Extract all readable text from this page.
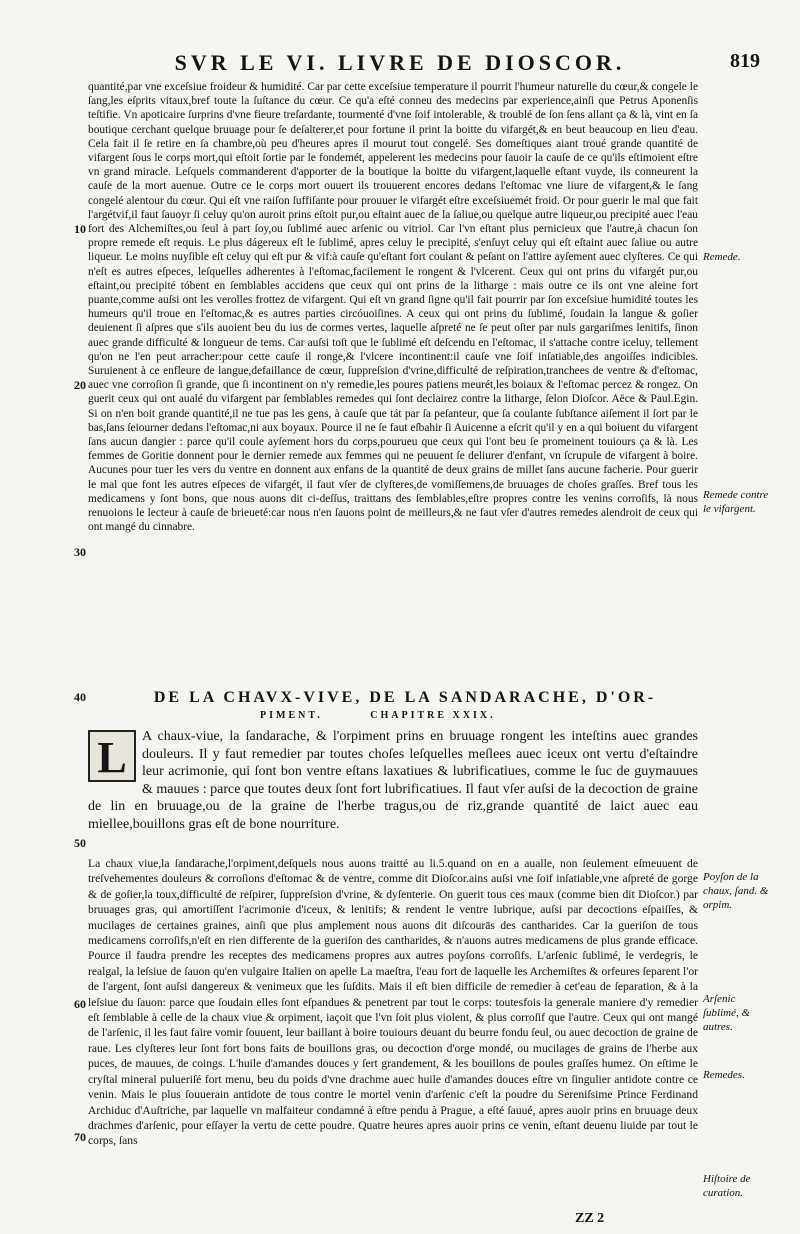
SVR LE VI. LIVRE DE DIOSCOR.	819

quantité,par vne exceſsiue froideur & humidité. Car par cette exceſsiue temperature il pourrit l'humeur naturelle du cœur,& congele le ſang,les eſprits vitaux,bref toute la ſuſtance du cœur. Ce qu'a eſté conneu des medecins par experience,ainſi que Petrus Aponenſis teſtifie. Vn apoticaire ſurprins d'vne fieure treſardante, tourmenté d'vne ſoif intolerable, & troublé de ſon ſens allant ça & là, vint en ſa boutique cerchant quelque bruuage pour ſe deſalterer,et pour fortune il print la boitte du vifargét,& en beut beaucoup en lieu d'eau. Cela fait il ſe retire en ſa chambre,où peu d'heures apres il mourut tout congelé. Ses domeſtiques aiant troué grande quantité de vifargent ſous le corps mort,qui eſtoit ſortie par le fondemét, appelerent les medecins pour ſauoir la cauſe de ce qu'ils eſtimoient eſtre vn grand miracle. Leſquels commanderent d'apporter de la boutique la boitte du vifargent,laquelle eſtant vuyde, ils conneurent la cauſe de la mort auenue. Outre ce le corps mort ouuert ils trouuerent encores dedans l'eſtomac vne liure de vifargent,& le ſang congelé alentour du cœur. Qui eſt vne raiſon ſuffiſante pour prouuer le vifargét eſtre exceſsiuemét froid. Or pour guerir le mal que fait l'argétvif,il faut ſauoyr ſi celuy qu'on auroit prins eſtoit pur,ou eſtaint auec de la ſaliue,ou quelque autre liqueur,ou precipité auec l'eau fort des Alchemiſtes,ou ſeul à part ſoy,ou ſublimé auec arſenic ou vitriol. Car l'vn eſtant plus pernicieux que l'autre,à chacun ſon propre remede eſt requis. Le plus dágereux eſt le ſublimé, apres celuy le precipité, s'enſuyt celuy qui eſt eſtaint auec ſaliue ou autre liqueur. Le moins nuyſible eſt celuy qui eſt pur & vif:à cauſe qu'eſtant fort coulant & peſant on l'attire ayſement auec clyſteres. Ce qui n'eſt es autres eſpeces, leſquelles adherentes à l'eſtomac,facilement le rongent & l'vlcerent. Ceux qui ont prins du vifargét pur,ou eſtaint,ou precipité tóbent en ſemblables accidens que ceux qui ont prins de la litharge : mais outre ce ils ont vne aleine fort puante,comme auſsi ont les verolles frottez de vifargent. Qui eſt vn grand ſigne qu'il fait pourrir par ſon exceſsiue humidité toutes les humeurs qu'il troue en l'eſtomac,& es autres parties circóuoiſines. A ceux qui ont prins du ſublimé, ſoudain la langue & goſier deuienent ſi aſpres que s'ils auoient beu du ius de cormes vertes, laquelle aſpreté ne ſe peut oſter par nuls gargariſmes lenitifs, ſinon auec grande difficulté & longueur de tems. Car auſsi toſt que le ſublimé eſt deſcendu en l'eſtomac, il s'attache contre iceluy, tellement qu'on ne l'en peut arracher:pour cette cauſe il ronge,& l'vlcere incontinent:il cauſe vne ſoif inſatiable,des angoiſſes indicibles. Suruienent à ce enfleure de langue,defaillance de cœur, ſuppreſsion d'vrine,difficulté de reſpiration,tranchees de ventre & d'eſtomac, auec vne corroſion ſi grande, que ſi incontinent on n'y remedie,les poures patiens meurét,les boiaux & l'eſtomac percez & rongez. On guerit ceux qui ont aualé du vifargent par ſemblables remedes qui ſont declairez contre la litharge, ſelon Dioſcor. Aëce & Paul.Egin. Si on n'en boit grande quantité,il ne tue pas les gens, à cauſe que tát par ſa peſanteur, que ſa coulante ſubſtance aiſement il ſort par le bas,ſans ſeiourner dedans l'eſtomac,ni aux boyaux. Pource il ne ſe faut eſbahir ſi Auicenne a eſcrit qu'il y en a qui boiuent du vifargent ſans aucun dangier : parce qu'il coule ayſement hors du corps,pourueu que ceux qui l'ont beu ſe promeinent touiours ça & là. Les femmes de Goritie donnent pour le dernier remede aux femmes qui ne peuuent ſe deliurer d'enfant, vn ſcrupule de vifargent à boire. Aucunes pour tuer les vers du ventre en donnent aux enfans de la quantité de deux grains de millet ſans aucune facherie. Pour guerir le mal que font les autres eſpeces de vifargét, il faut vſer de clyſteres,de vomiſſemens,de bruuages de choſes graſſes. Bref tous les medicamens y ſont bons, que nous auons dit ci-deſſus, traittans des ſemblables,eſtre propres contre les venins corroſifs, là nous renuoions le lecteur à cauſe de brieueté:car nous n'en ſauons point de meilleurs,& ne faut vſer d'autres remedes alendroit de ceux qui ont mangé du cinnabre.

DE LA CHAVX-VIVE, DE LA SANDARACHE, D'OR-
PIMENT.	CHAPITRE XXIX.

L	A chaux-viue, la ſandarache, & l'orpiment prins en bruuage rongent les inteſtins auec grandes douleurs. Il y faut remedier par toutes choſes leſquelles meſlees auec iceux ont vertu d'eſtaindre leur acrimonie, qui ſont bon ventre eſtans laxatiues & lubrificatiues, comme le ſuc de guymauues & mauues : parce que toutes deux ſont fort lubrificatiues. Il faut vſer auſsi de la decoction de graine de lin en bruuage,ou de la graine de l'herbe tragus,ou de riz,grande quantité de laict auec eau miellee,bouillons gras eſt de bone nourriture.

La chaux viue,la ſandarache,l'orpiment,deſquels nous auons traitté au li.5.quand on en a aualle, non ſeulement eſmeuuent de treſvehementes douleurs & corroſions d'eſtomac & de ventre, comme dit Dioſcor.ains auſsi vne ſoif inſatiable,vne aſpreté de gorge & de goſier,la toux,difficulté de reſpirer, ſuppreſsion d'vrine, & dyſenterie. On guerit tous ces maux (comme bien dit Dioſcor.) par bruuages gras, qui amortiſſent l'acrimonie d'iceux, & lenitifs; & rendent le ventre lubrique, auſsi par decoctions eſpaiſſes, & mucilages de certaines graines, ainſi que plus amplement nous auons dit diſcourās des cantharides. Car la gueriſon de tous medicamens corroſifs,n'eſt en rien differente de la gueriſon des cantharides, & n'auons autres medicamens de plus grande efficace. Pource il faudra prendre les receptes des medicamens propres aux autres poyſons corroſifs. L'arſenic ſublimé, le verdegris, le realgal, la leſsiue de ſauon qu'en vulgaire Italien on apelle La maeſtra, l'eau fort de laquelle les Archemiſtes & orfeures ſeparent l'or de l'argent, ſont auſsi dangereux & venimeux que les ſuſdits. Mais il eſt bien difficile de remedier à cet'eau de ſeparation, & à la leſsiue du ſauon: parce que ſoudain elles ſont eſpandues & penetrent par tout le corps: toutesfois la generale maniere d'y remedier eſt ſemblable à celle de la chaux viue & orpiment, iaçoit que l'vn ſoit plus violent, & plus corroſif que l'autre. Ceux qui ont mangé de l'arſenic, il les faut faire vomir ſouuent, leur baillant à boire touiours deuant du beurre fondu ſeul, ou auec decoction de graine de raue. Les clyſteres leur ſont fort bons faits de bouillons gras, ou decoction d'orge mondé, ou mucilages de grains de l'herbe aux puces, de mauues, de coings. L'huile d'amandes douces y ſert grandement, & les bouillons de poules graſſes humez. On eſtime le cryſtal mineral pulueriſé fort menu, beu du poids d'vne drachme auec huile d'amandes douces eſtre vn ſingulier antidote contre ce venin. Mais le plus ſouuerain antidote de tous contre le mortel venin d'arſenic c'eſt la poudre du Sereniſsime Prince Ferdinand Archiduc d'Auſtriche, par laquelle vn malfaiteur condamné à eſtre pendu à Prague, a eſté ſauué, apres auoir prins en bruuage deux drachmes d'arſenic, pour eſſayer la vertu de cette poudre. Quatre heures apres auoir prins ce venin, eſtant deuenu liuide par tout le corps, ſans

Remede.
Remede contre le vifargent.
Poyſon de la chaux, ſand. & orpim.
Arſenic ſublimé, & autres.
Remedes.
Hiſtoire de curation.
10
20
30
40
50
60
70
ZZ 2
